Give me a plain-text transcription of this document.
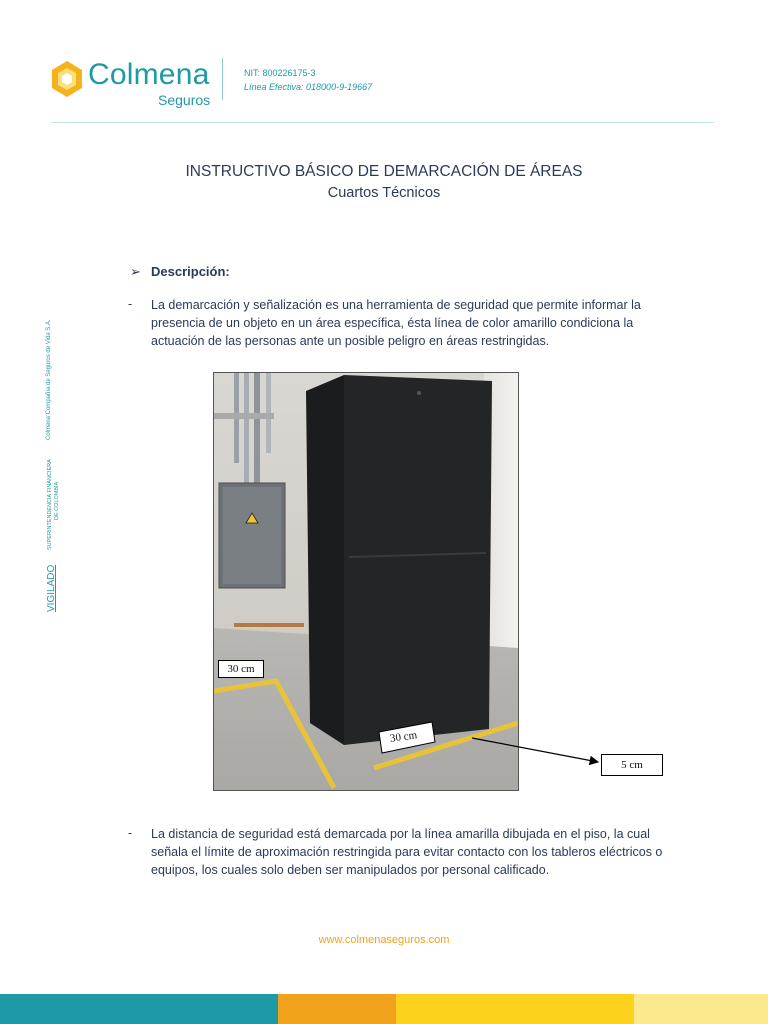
Colmena
Seguros
NIT: 800226175-3
Línea Efectiva: 018000-9-19667
VIGILADO
SUPERINTENDENCIA FINANCIERA DE COLOMBIA
Colmena Compañía de Seguros de Vida S.A.
INSTRUCTIVO BÁSICO DE DEMARCACIÓN DE ÁREAS
Cuartos Técnicos
➢ Descripción:
- La demarcación y señalización es una herramienta de seguridad que permite informar la presencia de un objeto en un área específica, ésta línea de color amarillo condiciona la actuación de las personas ante un posible peligro en áreas restringidas.
30 cm
30 cm
5 cm
- La distancia de seguridad está demarcada por la línea amarilla dibujada en el piso, la cual señala el límite de aproximación restringida para evitar contacto con los tableros eléctricos o equipos, los cuales solo deben ser manipulados por personal calificado.
www.colmenaseguros.com
